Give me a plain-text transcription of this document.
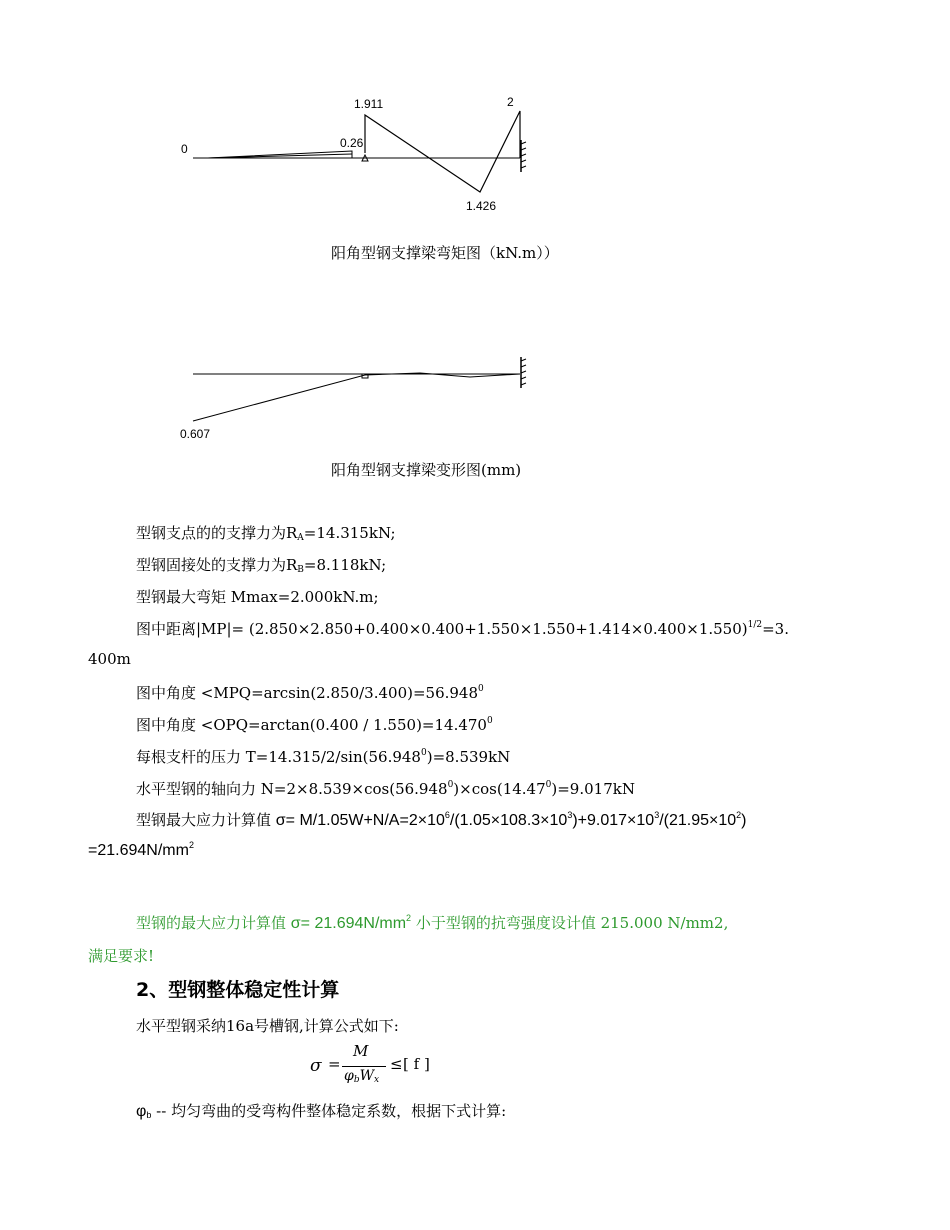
1.911	2
0	0.26
1.426
阳角型钢支撑梁弯矩图（kN.m））
0.607
阳角型钢支撑梁变形图(mm)
型钢支点的的支撑力为$R_A=14.315kN$;
型钢固接处的支撑力为$R_B=8.118kN$;
型钢最大弯矩 Mmax=2.000kN.m;
图中距离$|MP|= (2.850\times 2.850+0.400\times 0.400+1.550\times 1.550+1.414\times 0.400\times 1.550)^{1/2}=3$.
400m
图中角度 $<MPQ=\arcsin(2.850/3.400)=56.948^0$
图中角度 $<OPQ=\arctan(0.400 / 1.550)=14.470^0$
每根支杆的压力 $T=14.315/2/\sin(56.948^0)=8.539kN$
水平型钢的轴向力 $N=2\times 8.539\times\cos(56.948^0)\times\cos(14.47^0)=9.017kN$
型钢最大应力计算值 $\sigma= M/1.05W+N/A=2\times 10^6/(1.05\times 108.3\times 10^3)+9.017\times 10^3/(21.95\times 10^2)$
$=21.694N/mm^2$
型钢的最大应力计算值 $\sigma= 21.694N/mm^2$ 小于型钢的抗弯强度设计值 215.000 N/mm2,
满足要求!
2、型钢整体稳定性计算
水平型钢采纳16a号槽钢,计算公式如下:
σ =
M
$\varphi_bW_x$
≤ [ f ]
$\varphi_b$ -- 均匀弯曲的受弯构件整体稳定系数，根据下式计算:
